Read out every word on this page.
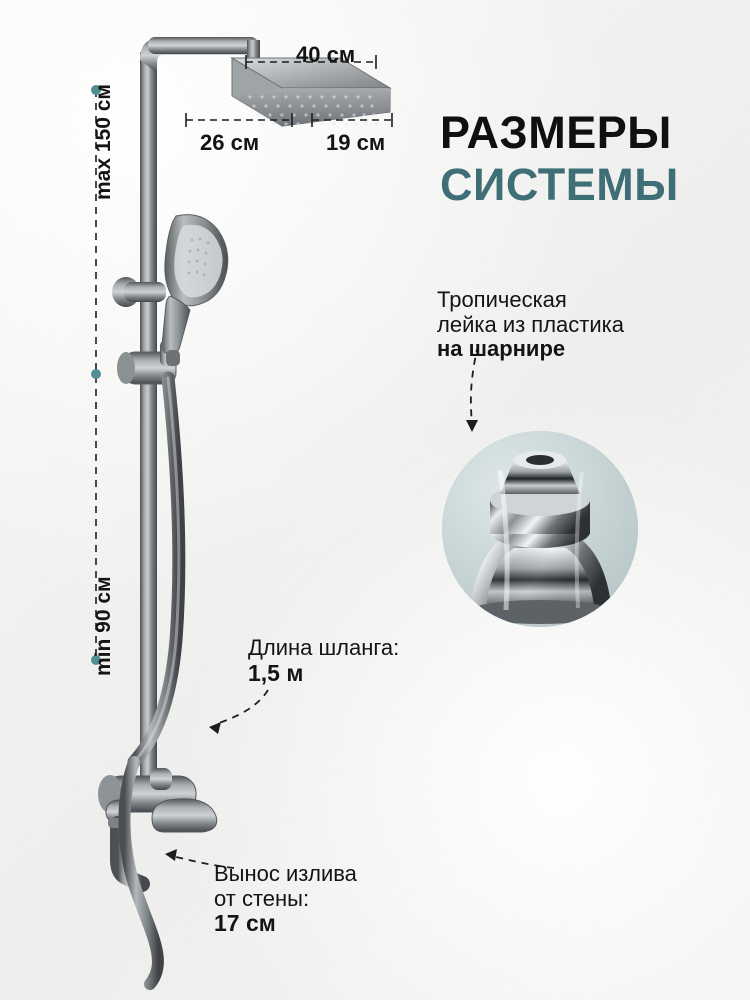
РАЗМЕРЫ
СИСТЕМЫ
Тропическая
лейка из пластика
на шарнире
Длина шланга:
1,5 м
Вынос излива
от стены:
17 см
40 см
26 см	19 см
max 150 см
min 90 см
